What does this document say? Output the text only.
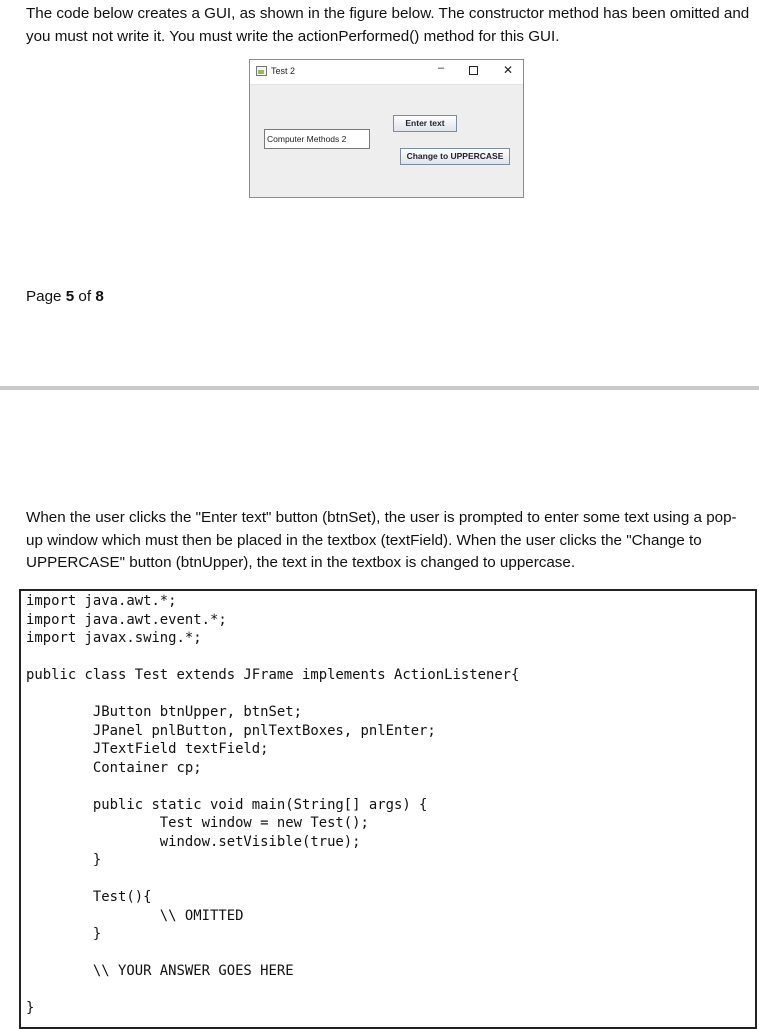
The code below creates a GUI, as shown in the figure below. The constructor method has been omitted and you must not write it. You must write the actionPerformed() method for this GUI.
Test 2	–	✕
Computer Methods 2
Enter text
Change to UPPERCASE
Page 5 of 8
When the user clicks the "Enter text" button (btnSet), the user is prompted to enter some text using a pop-up window which must then be placed in the textbox (textField). When the user clicks the "Change to UPPERCASE" button (btnUpper), the text in the textbox is changed to uppercase.
import java.awt.*;
import java.awt.event.*;
import javax.swing.*;

public class Test extends JFrame implements ActionListener{

JButton btnUpper, btnSet;
JPanel pnlButton, pnlTextBoxes, pnlEnter;
JTextField textField;
Container cp;

public static void main(String[] args) {
Test window = new Test();
window.setVisible(true);
}

Test(){
\\ OMITTED
}

\\ YOUR ANSWER GOES HERE

}
